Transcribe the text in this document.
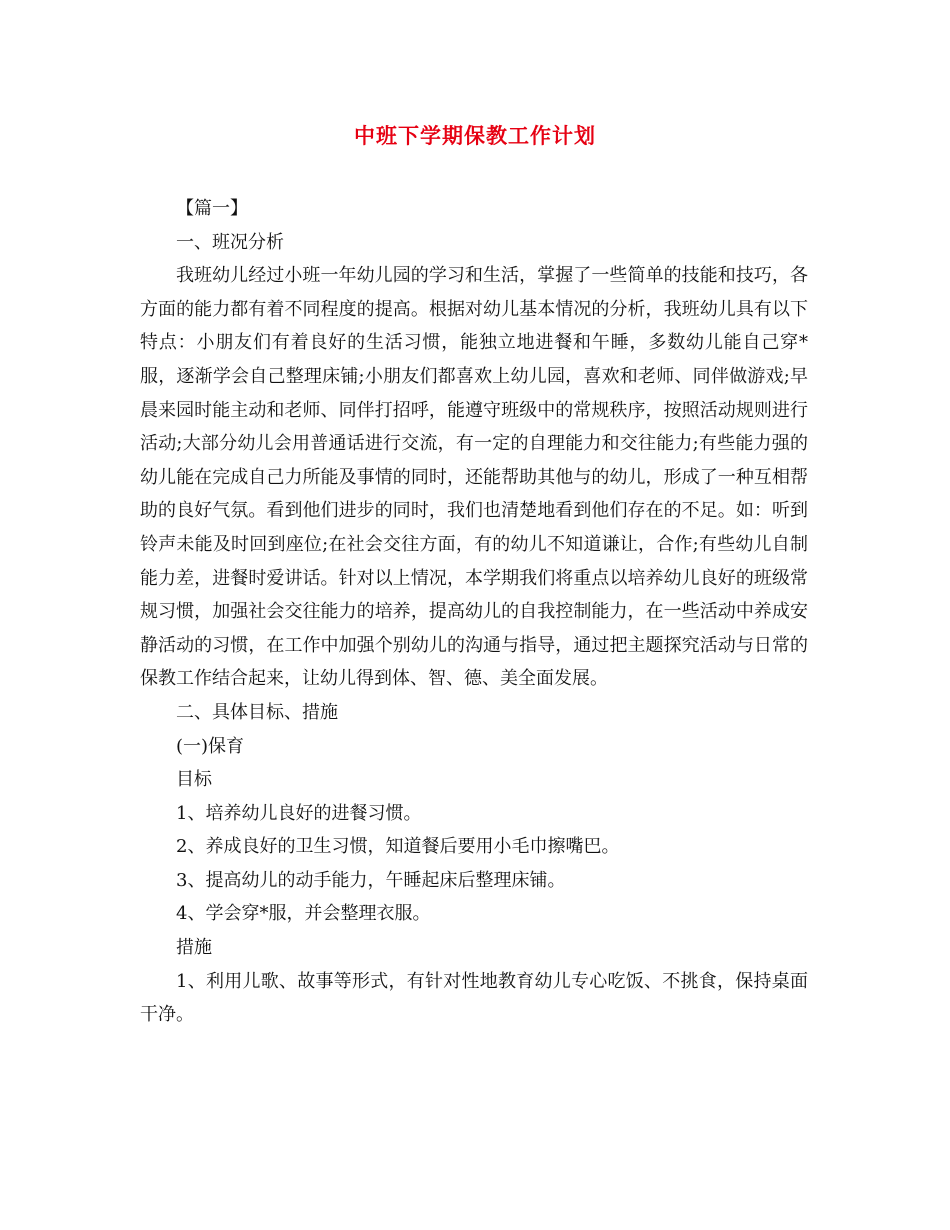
中班下学期保教工作计划

【篇一】

一、班况分析

我班幼儿经过小班一年幼儿园的学习和生活，掌握了一些简单的技能和技巧，各方面的能力都有着不同程度的提高。根据对幼儿基本情况的分析，我班幼儿具有以下特点：小朋友们有着良好的生活习惯，能独立地进餐和午睡，多数幼儿能自己穿*服，逐渐学会自己整理床铺;小朋友们都喜欢上幼儿园，喜欢和老师、同伴做游戏;早晨来园时能主动和老师、同伴打招呼，能遵守班级中的常规秩序，按照活动规则进行活动;大部分幼儿会用普通话进行交流，有一定的自理能力和交往能力;有些能力强的幼儿能在完成自己力所能及事情的同时，还能帮助其他与的幼儿，形成了一种互相帮助的良好气氛。看到他们进步的同时，我们也清楚地看到他们存在的不足。如：听到铃声未能及时回到座位;在社会交往方面，有的幼儿不知道谦让，合作;有些幼儿自制能力差，进餐时爱讲话。针对以上情况，本学期我们将重点以培养幼儿良好的班级常规习惯，加强社会交往能力的培养，提高幼儿的自我控制能力，在一些活动中养成安静活动的习惯，在工作中加强个别幼儿的沟通与指导，通过把主题探究活动与日常的保教工作结合起来，让幼儿得到体、智、德、美全面发展。

二、具体目标、措施

(一)保育

目标

1、培养幼儿良好的进餐习惯。

2、养成良好的卫生习惯，知道餐后要用小毛巾擦嘴巴。

3、提高幼儿的动手能力，午睡起床后整理床铺。

4、学会穿*服，并会整理衣服。

措施

1、利用儿歌、故事等形式，有针对性地教育幼儿专心吃饭、不挑食，保持桌面干净。
